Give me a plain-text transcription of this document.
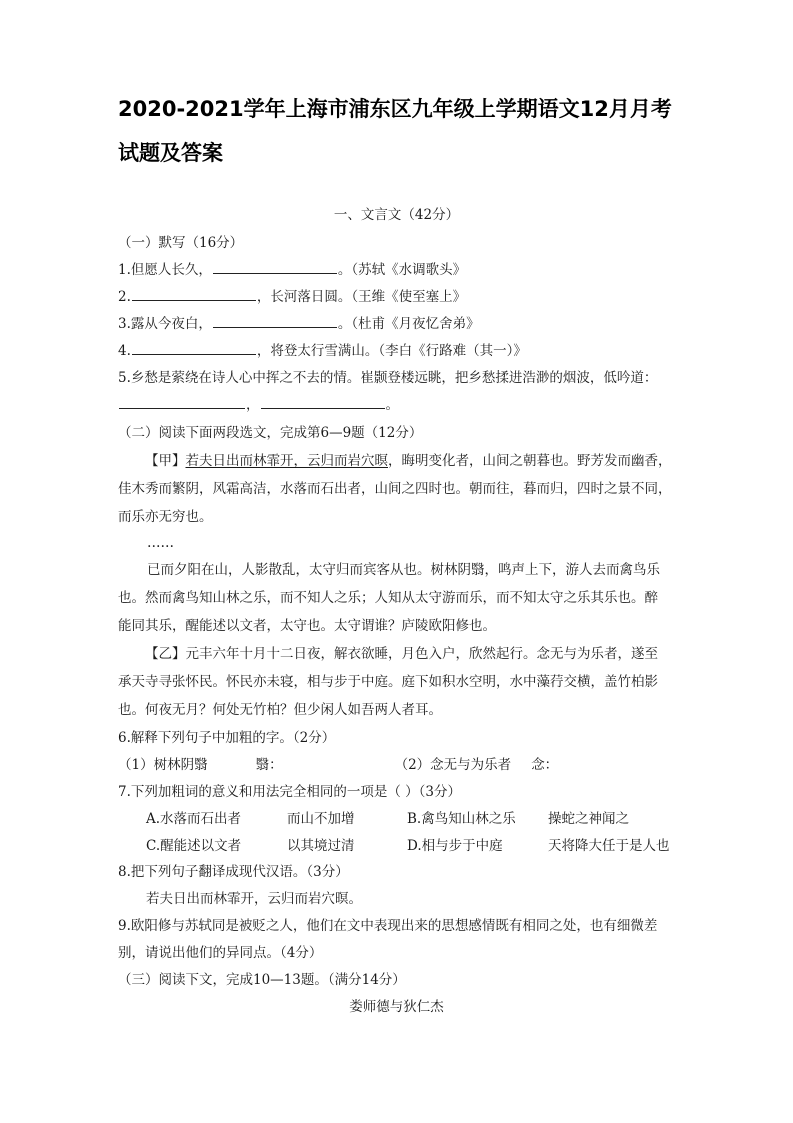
2020-2021学年上海市浦东区九年级上学期语文12月月考
试题及答案
一、文言文（42分）
（一）默写（16分）
1.但愿人长久，	。（苏轼《水调歌头》
2.	，长河落日圆。（王维《使至塞上》
3.露从今夜白，	。（杜甫《月夜忆舍弟》
4.	，将登太行雪满山。（李白《行路难（其一）》
5.乡愁是萦绕在诗人心中挥之不去的情。崔颢登楼远眺，把乡愁揉进浩渺的烟波，低吟道：
，	。
（二）阅读下面两段选文，完成第6—9题（12分）
【甲】若夫日出而林霏开，云归而岩穴暝，晦明变化者，山间之朝暮也。野芳发而幽香，
佳木秀而繁阴，风霜高洁，水落而石出者，山间之四时也。朝而往，暮而归，四时之景不同，
而乐亦无穷也。
……
已而夕阳在山，人影散乱，太守归而宾客从也。树林阴翳，鸣声上下，游人去而禽鸟乐
也。然而禽鸟知山林之乐，而不知人之乐；人知从太守游而乐，而不知太守之乐其乐也。醉
能同其乐，醒能述以文者，太守也。太守谓谁？庐陵欧阳修也。
【乙】元丰六年十月十二日夜，解衣欲睡，月色入户，欣然起行。念无与为乐者，遂至
承天寺寻张怀民。怀民亦未寝，相与步于中庭。庭下如积水空明，水中藻荇交横，盖竹柏影
也。何夜无月？何处无竹柏？但少闲人如吾两人者耳。
6.解释下列句子中加粗的字。（2分）
（1）树林阴翳	翳：	（2）念无与为乐者 念：
7.下列加粗词的意义和用法完全相同的一项是（ ）（3分）
A.水落而石出者	而山不加增	B.禽鸟知山林之乐 操蛇之神闻之
C.醒能述以文者	以其境过清	D.相与步于中庭	天将降大任于是人也
8.把下列句子翻译成现代汉语。（3分）
若夫日出而林霏开，云归而岩穴暝。
9.欧阳修与苏轼同是被贬之人，他们在文中表现出来的思想感情既有相同之处，也有细微差
别，请说出他们的异同点。（4分）
（三）阅读下文，完成10—13题。（满分14分）
娄师德与狄仁杰
